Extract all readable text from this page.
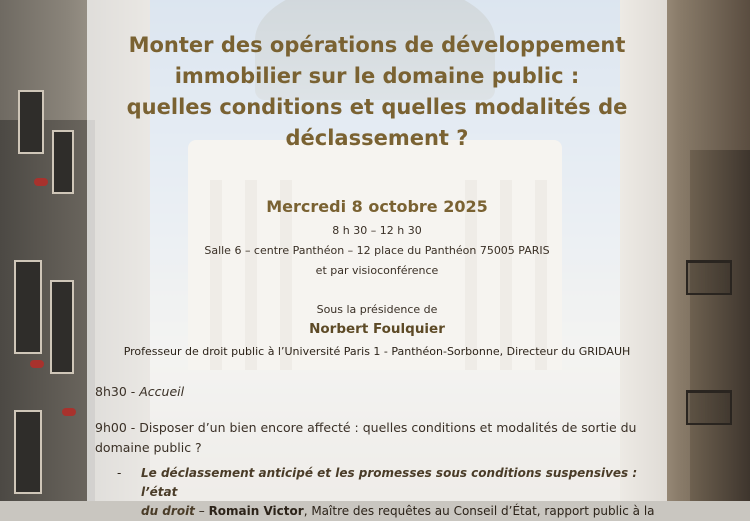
Monter des opérations de développement
immobilier sur le domaine public :
quelles conditions et quelles modalités de
déclassement ?
Mercredi 8 octobre 2025
8 h 30 – 12 h 30
Salle 6 – centre Panthéon – 12 place du Panthéon 75005 PARIS
et par visioconférence
Sous la présidence de
Norbert Foulquier
Professeur de droit public à l’Université Paris 1 - Panthéon-Sorbonne, Directeur du GRIDAUH
8h30 - Accueil
9h00 - Disposer d’un bien encore affecté : quelles conditions et modalités de sortie du
domaine public ?
- Le déclassement anticipé et les promesses sous conditions suspensives : l’état
du droit – Romain Victor, Maître des requêtes au Conseil d’État, rapport public à la
